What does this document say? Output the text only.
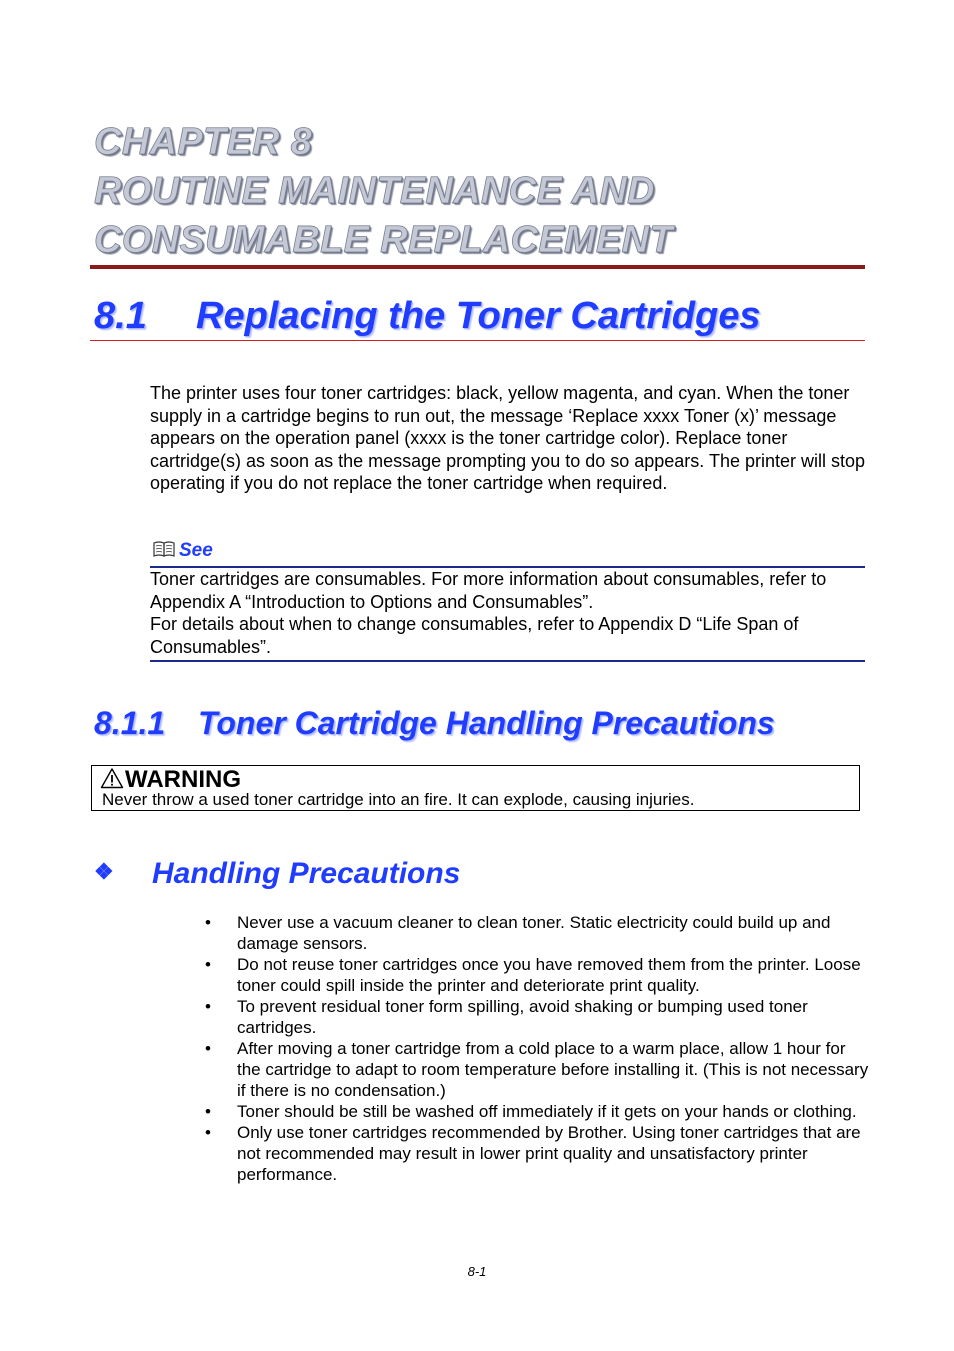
CHAPTER 8
ROUTINE MAINTENANCE AND
CONSUMABLE REPLACEMENT
8.1 Replacing the Toner Cartridges

The printer uses four toner cartridges: black, yellow magenta, and cyan. When the toner supply in a cartridge begins to run out, the message ‘Replace xxxx Toner (x)’ message appears on the operation panel (xxxx is the toner cartridge color). Replace toner cartridge(s) as soon as the message prompting you to do so appears. The printer will stop operating if you do not replace the toner cartridge when required.

See
Toner cartridges are consumables. For more information about consumables, refer to Appendix A “Introduction to Options and Consumables”.
For details about when to change consumables, refer to Appendix D “Life Span of Consumables”.
8.1.1 Toner Cartridge Handling Precautions
WARNING
Never throw a used toner cartridge into an fire. It can explode, causing injuries.
❖ Handling Precautions
• Never use a vacuum cleaner to clean toner. Static electricity could build up and damage sensors.
• Do not reuse toner cartridges once you have removed them from the printer. Loose toner could spill inside the printer and deteriorate print quality.
• To prevent residual toner form spilling, avoid shaking or bumping used toner cartridges.
• After moving a toner cartridge from a cold place to a warm place, allow 1 hour for the cartridge to adapt to room temperature before installing it. (This is not necessary if there is no condensation.)
• Toner should be still be washed off immediately if it gets on your hands or clothing.
• Only use toner cartridges recommended by Brother. Using toner cartridges that are not recommended may result in lower print quality and unsatisfactory printer performance.
8-1
